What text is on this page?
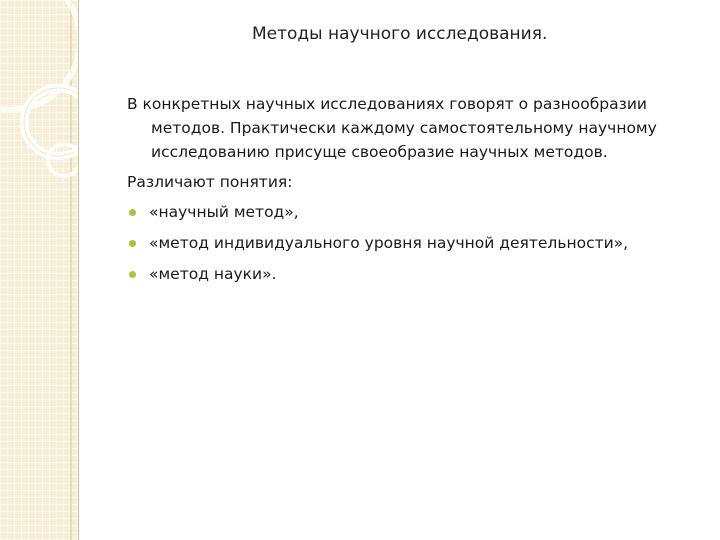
Методы научного исследования.

В конкретных научных исследованиях говорят о разнообразии методов. Практически каждому самостоятельному научному исследованию присуще своеобразие научных методов.

Различают понятия:

«научный метод»,
«метод индивидуального уровня научной деятельности»,
«метод науки».
